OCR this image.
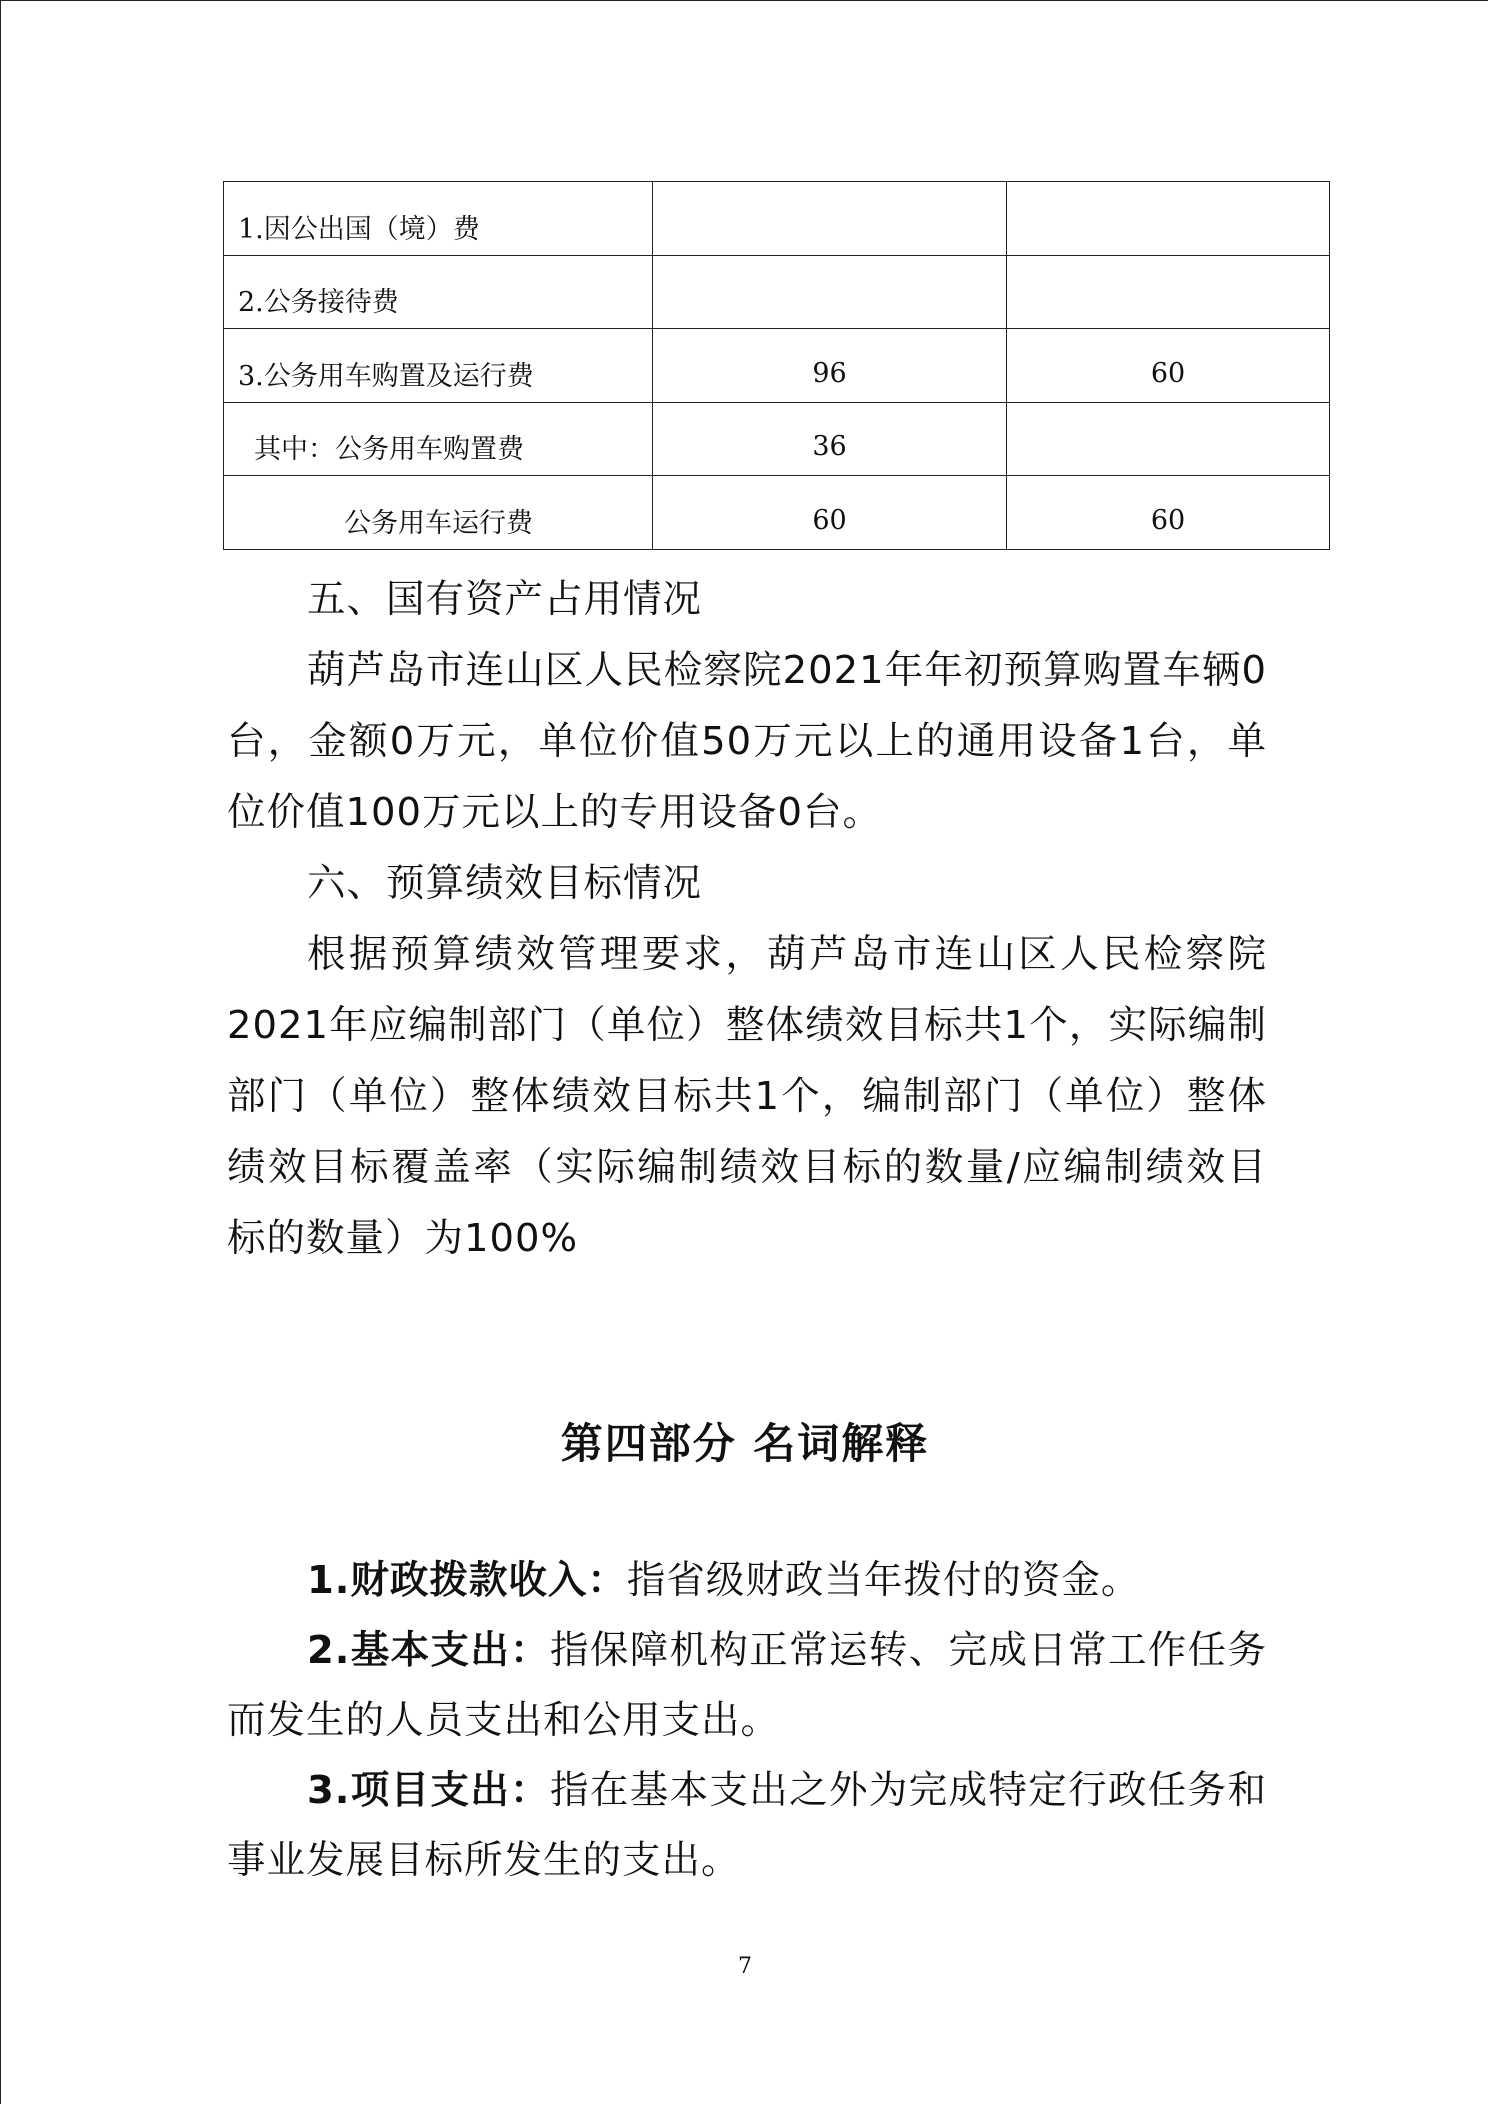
1.因公出国（境）费		
2.公务接待费		
3.公务用车购置及运行费	96	60
其中：公务用车购置费	36	
公务用车运行费	60	60

五、国有资产占用情况

葫芦岛市连山区人民检察院2021年年初预算购置车辆0台，金额0万元，单位价值50万元以上的通用设备1台，单位价值100万元以上的专用设备0台。

六、预算绩效目标情况

根据预算绩效管理要求，葫芦岛市连山区人民检察院2021年应编制部门（单位）整体绩效目标共1个，实际编制部门（单位）整体绩效目标共1个，编制部门（单位）整体绩效目标覆盖率（实际编制绩效目标的数量/应编制绩效目标的数量）为100%

第四部分 名词解释

1.财政拨款收入：指省级财政当年拨付的资金。

2.基本支出：指保障机构正常运转、完成日常工作任务而发生的人员支出和公用支出。

3.项目支出：指在基本支出之外为完成特定行政任务和事业发展目标所发生的支出。

7
